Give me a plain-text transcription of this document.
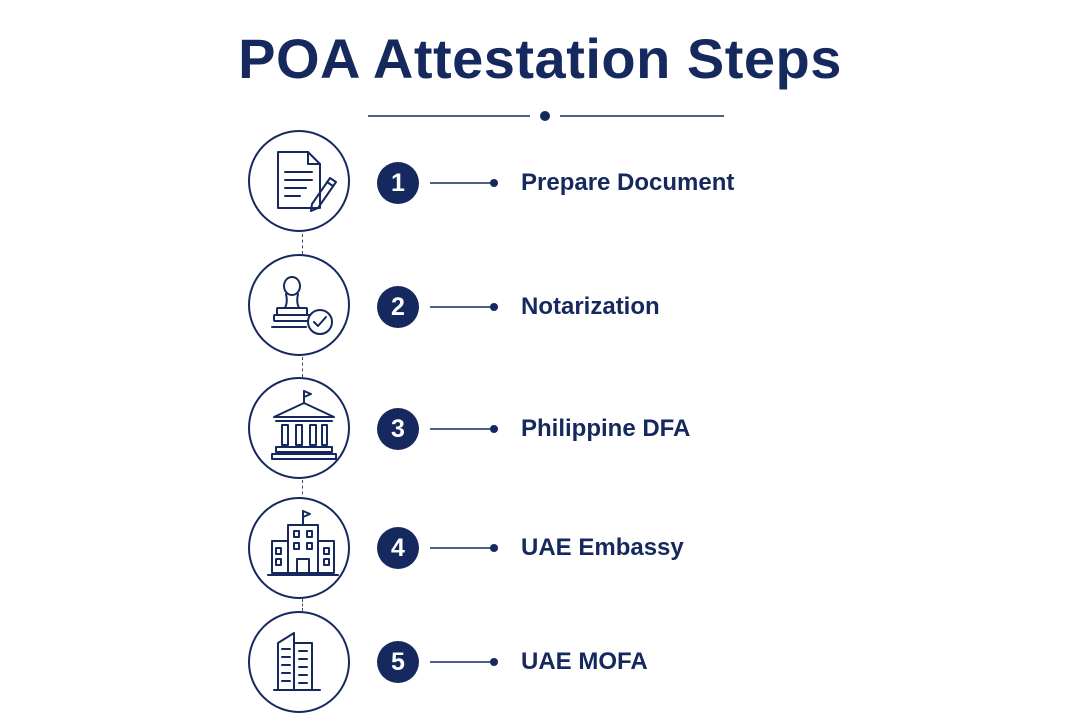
POA Attestation Steps
1	Prepare Document
2	Notarization
3	Philippine DFA
4	UAE Embassy
5	UAE MOFA
